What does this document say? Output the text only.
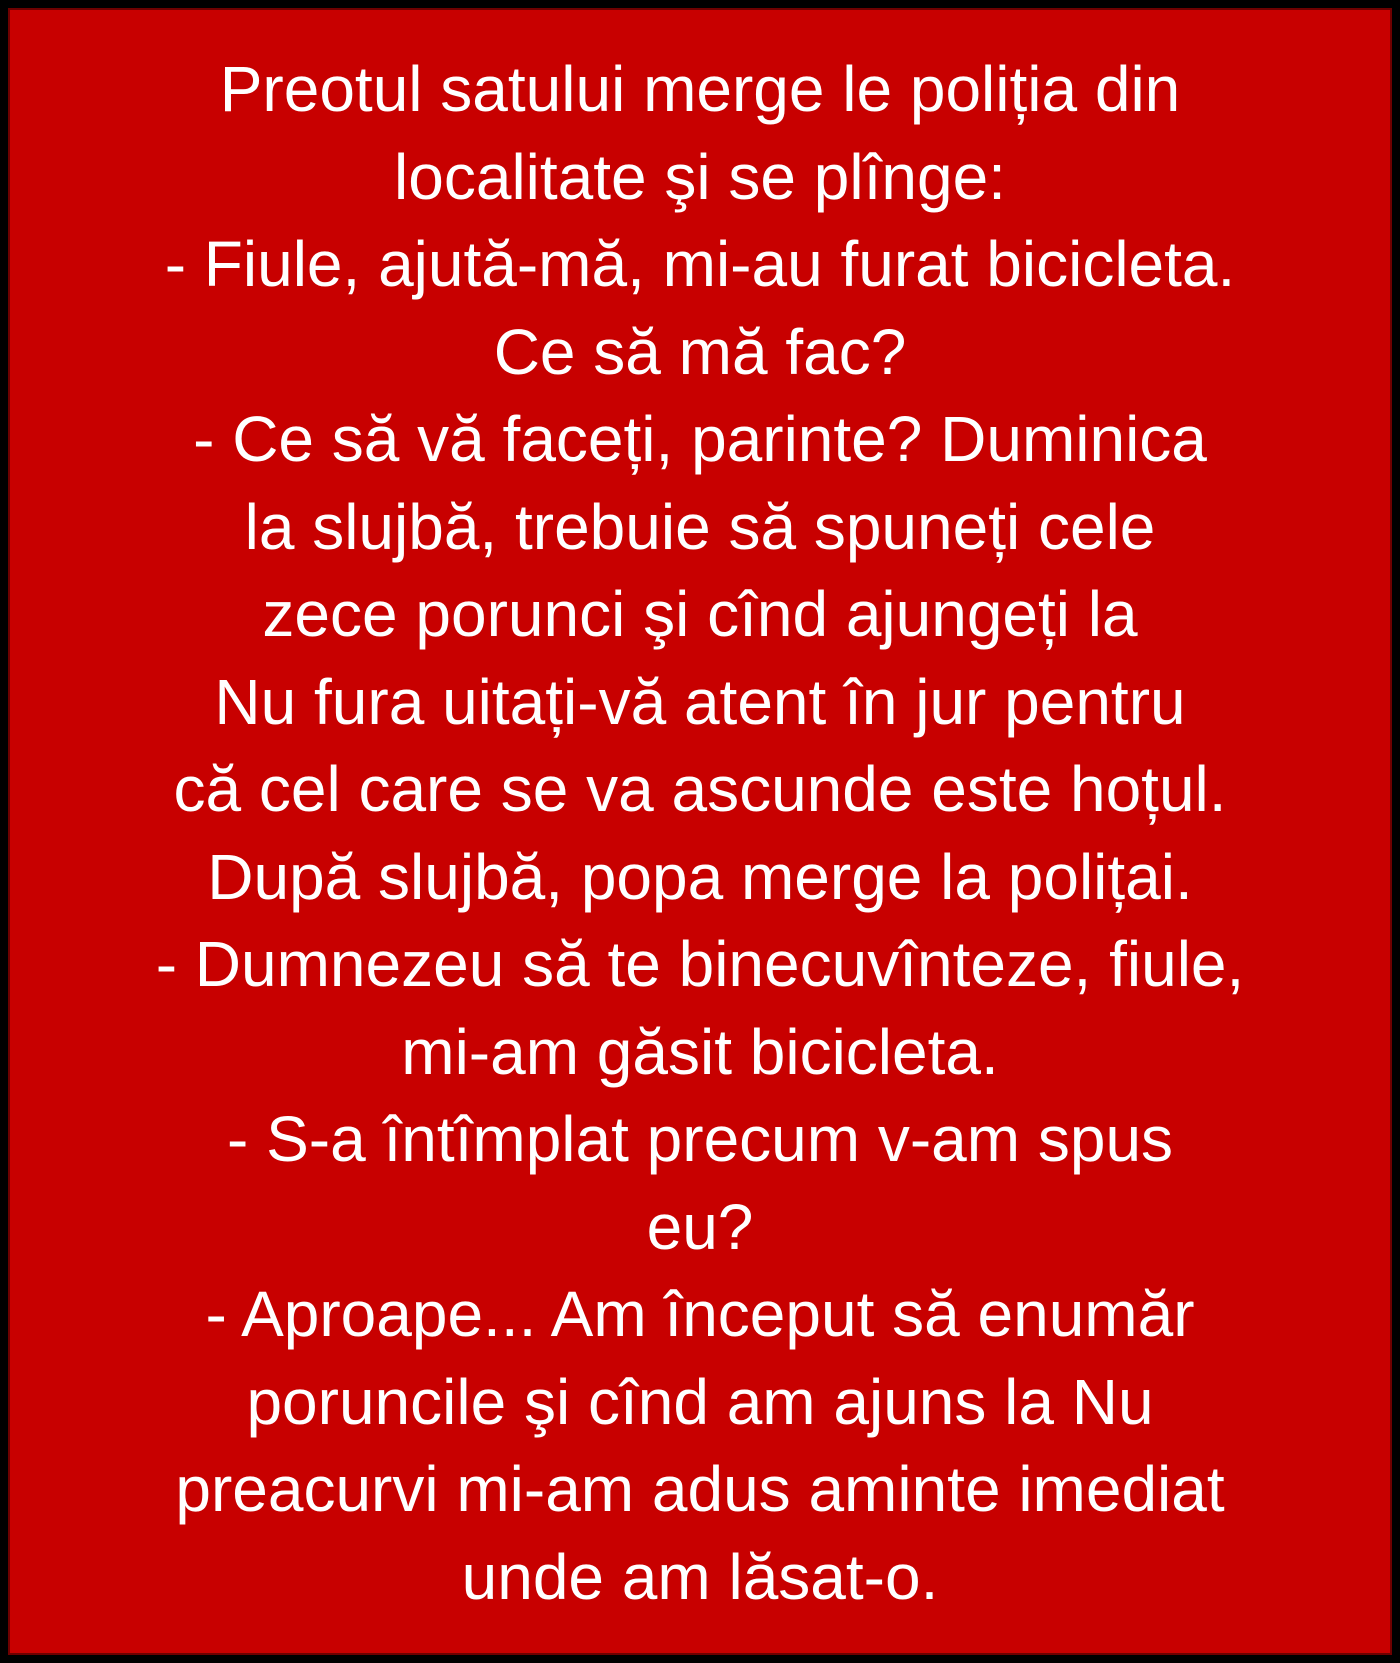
Preotul satului merge le poliția din
localitate şi se plînge:
- Fiule, ajută-mă, mi-au furat bicicleta.
Ce să mă fac?
- Ce să vă faceți, parinte? Duminica
la slujbă, trebuie să spuneți cele
zece porunci şi cînd ajungeți la
Nu fura uitați-vă atent în jur pentru
că cel care se va ascunde este hoțul.
După slujbă, popa merge la polițai.
- Dumnezeu să te binecuvînteze, fiule,
mi-am găsit bicicleta.
- S-a întîmplat precum v-am spus
eu?
- Aproape... Am început să enumăr
poruncile şi cînd am ajuns la Nu
preacurvi mi-am adus aminte imediat
unde am lăsat-o.
